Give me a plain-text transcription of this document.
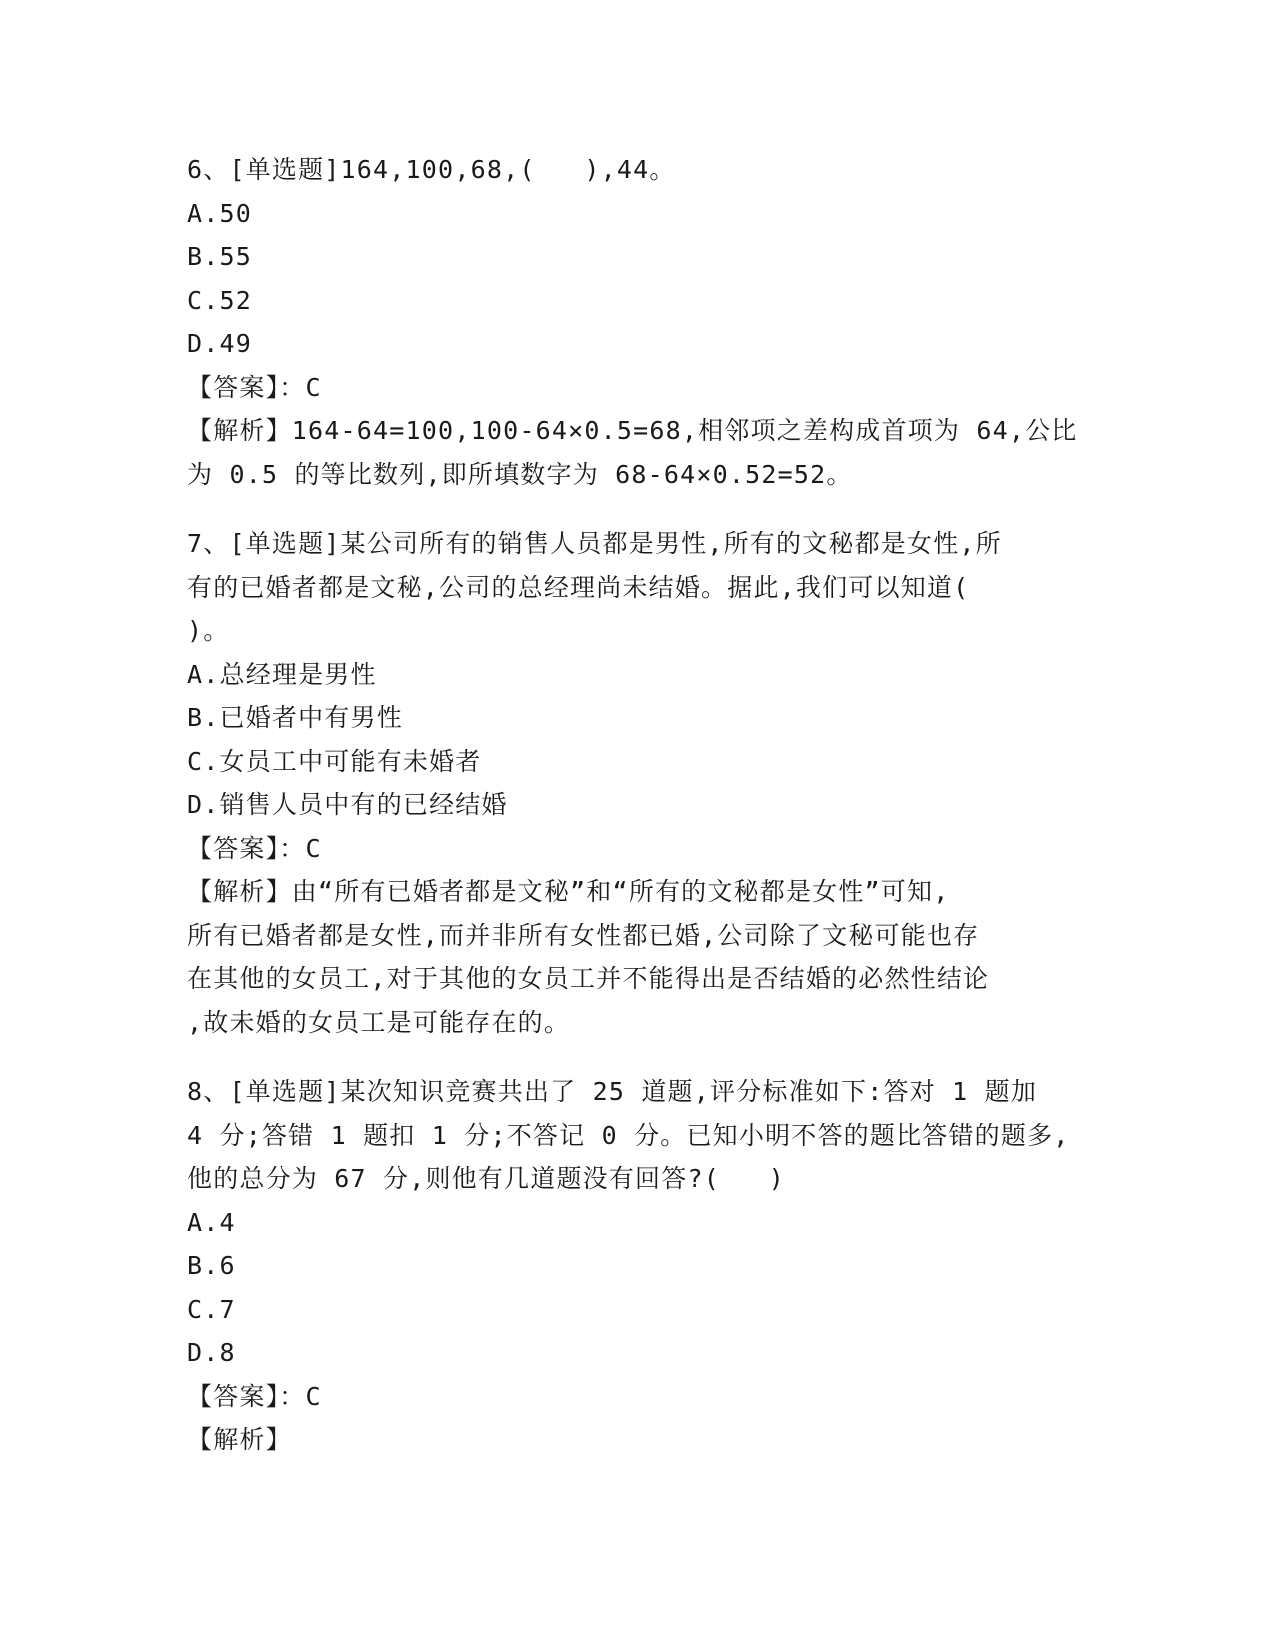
6、[单选题]164,100,68,(   ),44。

A.50

B.55

C.52

D.49

【答案】：C

【解析】164-64=100,100-64×0.5=68,相邻项之差构成首项为 64,公比

为 0.5 的等比数列,即所填数字为 68-64×0.52=52。

7、[单选题]某公司所有的销售人员都是男性,所有的文秘都是女性,所

有的已婚者都是文秘,公司的总经理尚未结婚。据此,我们可以知道(

)。

A.总经理是男性

B.已婚者中有男性

C.女员工中可能有未婚者

D.销售人员中有的已经结婚

【答案】：C

【解析】由“所有已婚者都是文秘”和“所有的文秘都是女性”可知,

所有已婚者都是女性,而并非所有女性都已婚,公司除了文秘可能也存

在其他的女员工,对于其他的女员工并不能得出是否结婚的必然性结论

,故未婚的女员工是可能存在的。

8、[单选题]某次知识竞赛共出了 25 道题,评分标准如下:答对 1 题加

4 分;答错 1 题扣 1 分;不答记 0 分。已知小明不答的题比答错的题多,

他的总分为 67 分,则他有几道题没有回答?(   )

A.4

B.6

C.7

D.8

【答案】：C

【解析】
